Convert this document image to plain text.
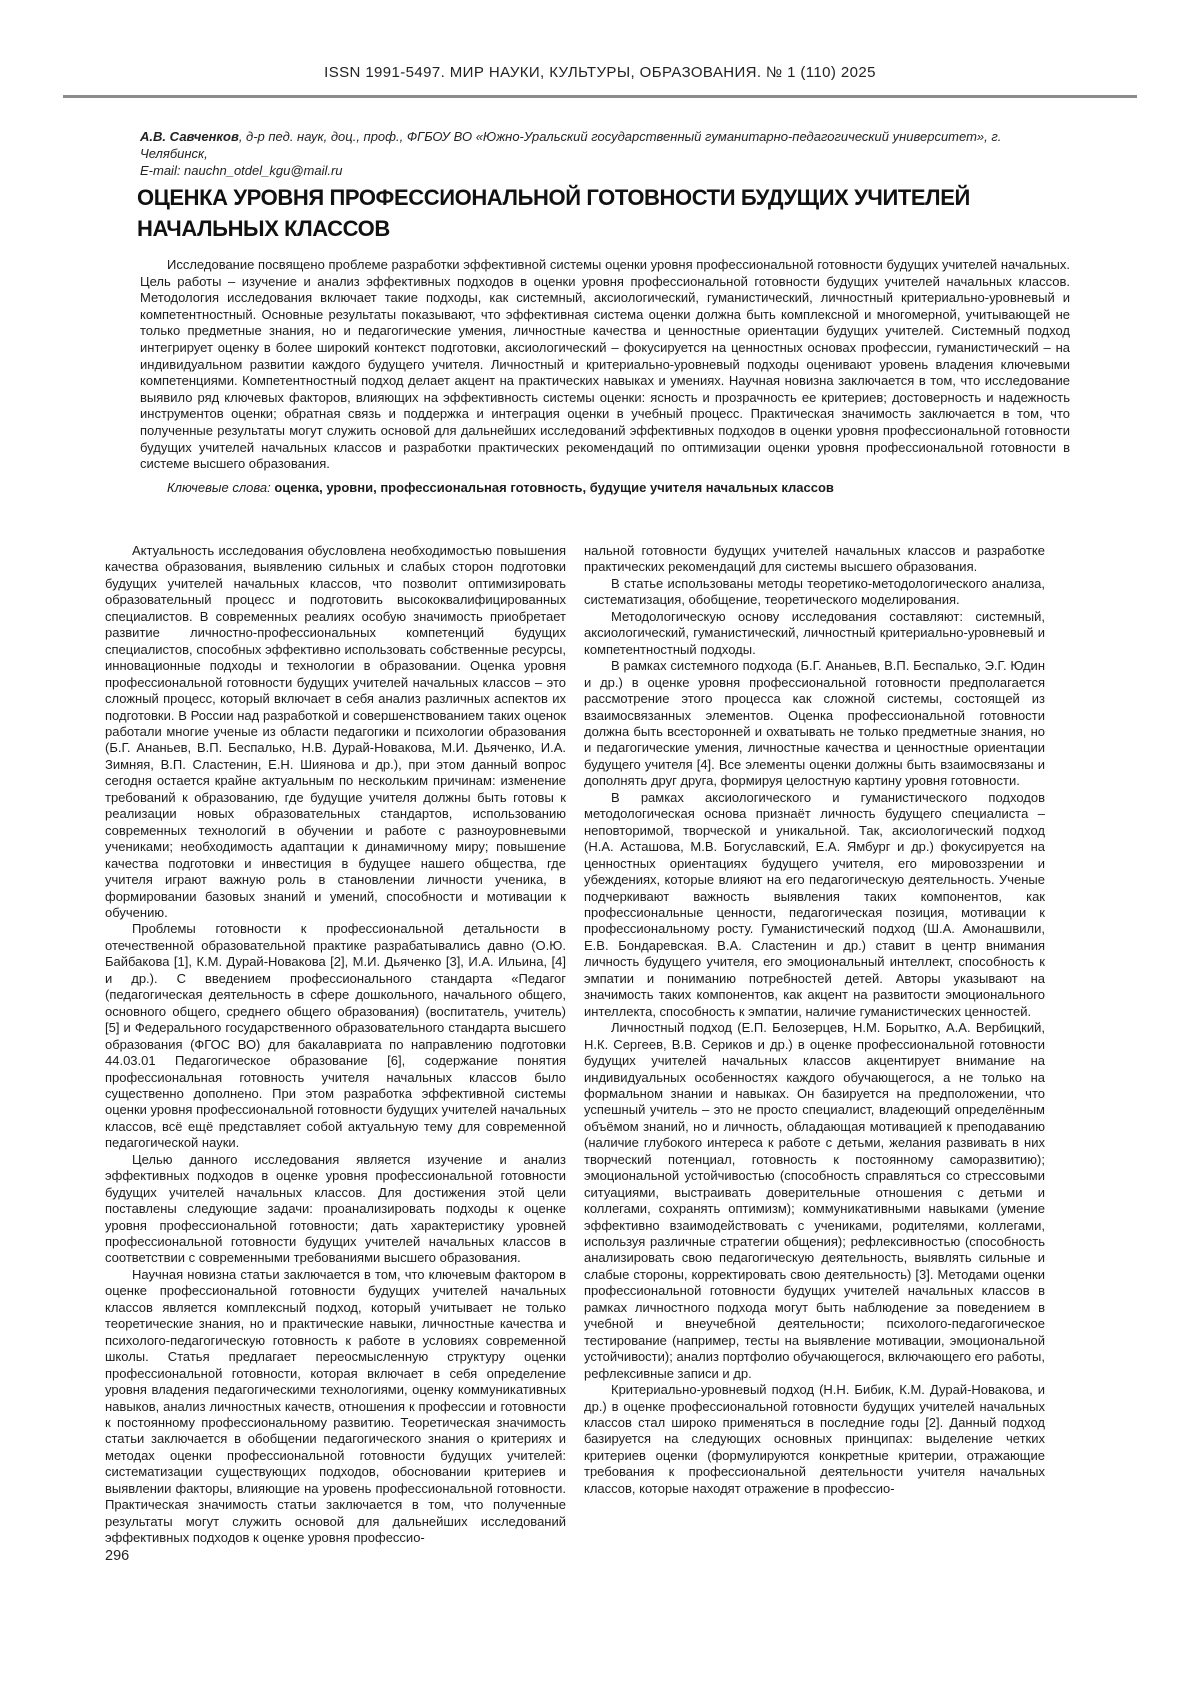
ISSN 1991-5497. МИР НАУКИ, КУЛЬТУРЫ, ОБРАЗОВАНИЯ. № 1 (110) 2025
А.В. Савченков, д-р пед. наук, доц., проф., ФГБОУ ВО «Южно-Уральский государственный гуманитарно-педагогический университет», г. Челябинск,
E-mail: nauchn_otdel_kgu@mail.ru
ОЦЕНКА УРОВНЯ ПРОФЕССИОНАЛЬНОЙ ГОТОВНОСТИ БУДУЩИХ УЧИТЕЛЕЙ НАЧАЛЬНЫХ КЛАССОВ

Исследование посвящено проблеме разработки эффективной системы оценки уровня профессиональной готовности будущих учителей начальных. Цель работы – изучение и анализ эффективных подходов в оценки уровня профессиональной готовности будущих учителей начальных классов. Методология исследования включает такие подходы, как системный, аксиологический, гуманистический, личностный критериально-уровневый и компетентностный. Основные результаты показывают, что эффективная система оценки должна быть комплексной и многомерной, учитывающей не только предметные знания, но и педагогические умения, личностные качества и ценностные ориентации будущих учителей. Системный подход интегрирует оценку в более широкий контекст подготовки, аксиологический – фокусируется на ценностных основах профессии, гуманистический – на индивидуальном развитии каждого будущего учителя. Личностный и критериально-уровневый подходы оценивают уровень владения ключевыми компетенциями. Компетентностный подход делает акцент на практических навыках и умениях. Научная новизна заключается в том, что исследование выявило ряд ключевых факторов, влияющих на эффективность системы оценки: ясность и прозрачность ее критериев; достоверность и надежность инструментов оценки; обратная связь и поддержка и интеграция оценки в учебный процесс. Практическая значимость заключается в том, что полученные результаты могут служить основой для дальнейших исследований эффективных подходов в оценки уровня профессиональной готовности будущих учителей начальных классов и разработки практических рекомендаций по оптимизации оценки уровня профессиональной готовности в системе высшего образования.

Ключевые слова: оценка, уровни, профессиональная готовность, будущие учителя начальных классов

Актуальность исследования обусловлена необходимостью повышения качества образования, выявлению сильных и слабых сторон подготовки будущих учителей начальных классов, что позволит оптимизировать образовательный процесс и подготовить высококвалифицированных специалистов. В современных реалиях особую значимость приобретает развитие личностно-профессиональных компетенций будущих специалистов, способных эффективно использовать собственные ресурсы, инновационные подходы и технологии в образовании. Оценка уровня профессиональной готовности будущих учителей начальных классов – это сложный процесс, который включает в себя анализ различных аспектов их подготовки. В России над разработкой и совершенствованием таких оценок работали многие ученые из области педагогики и психологии образования (Б.Г. Ананьев, В.П. Беспалько, Н.В. Дурай-Новакова, М.И. Дьяченко, И.А. Зимняя, В.П. Сластенин, Е.Н. Шиянова и др.), при этом данный вопрос сегодня остается крайне актуальным по нескольким причинам: изменение требований к образованию, где будущие учителя должны быть готовы к реализации новых образовательных стандартов, использованию современных технологий в обучении и работе с разноуровневыми учениками; необходимость адаптации к динамичному миру; повышение качества подготовки и инвестиция в будущее нашего общества, где учителя играют важную роль в становлении личности ученика, в формировании базовых знаний и умений, способности и мотивации к обучению.

Проблемы готовности к профессиональной детальности в отечественной образовательной практике разрабатывались давно (О.Ю. Байбакова [1], К.М. Дурай-Новакова [2], М.И. Дьяченко [3], И.А. Ильина, [4] и др.). С введением профессионального стандарта «Педагог (педагогическая деятельность в сфере дошкольного, начального общего, основного общего, среднего общего образования) (воспитатель, учитель) [5] и Федерального государственного образовательного стандарта высшего образования (ФГОС ВО) для бакалавриата по направлению подготовки 44.03.01 Педагогическое образование [6], содержание понятия профессиональная готовность учителя начальных классов было существенно дополнено. При этом разработка эффективной системы оценки уровня профессиональной готовности будущих учителей начальных классов, всё ещё представляет собой актуальную тему для современной педагогической науки.

Целью данного исследования является изучение и анализ эффективных подходов в оценке уровня профессиональной готовности будущих учителей начальных классов. Для достижения этой цели поставлены следующие задачи: проанализировать подходы к оценке уровня профессиональной готовности; дать характеристику уровней профессиональной готовности будущих учителей начальных классов в соответствии с современными требованиями высшего образования.

Научная новизна статьи заключается в том, что ключевым фактором в оценке профессиональной готовности будущих учителей начальных классов является комплексный подход, который учитывает не только теоретические знания, но и практические навыки, личностные качества и психолого-педагогическую готовность к работе в условиях современной школы. Статья предлагает переосмысленную структуру оценки профессиональной готовности, которая включает в себя определение уровня владения педагогическими технологиями, оценку коммуникативных навыков, анализ личностных качеств, отношения к профессии и готовности к постоянному профессиональному развитию. Теоретическая значимость статьи заключается в обобщении педагогического знания о критериях и методах оценки профессиональной готовности будущих учителей: систематизации существующих подходов, обосновании критериев и выявлении факторы, влияющие на уровень профессиональной готовности. Практическая значимость статьи заключается в том, что полученные результаты могут служить основой для дальнейших исследований эффективных подходов к оценке уровня профессио-

нальной готовности будущих учителей начальных классов и разработке практических рекомендаций для системы высшего образования.

В статье использованы методы теоретико-методологического анализа, систематизация, обобщение, теоретического моделирования.

Методологическую основу исследования составляют: системный, аксиологический, гуманистический, личностный критериально-уровневый и компетентностный подходы.

В рамках системного подхода (Б.Г. Ананьев, В.П. Беспалько, Э.Г. Юдин и др.) в оценке уровня профессиональной готовности предполагается рассмотрение этого процесса как сложной системы, состоящей из взаимосвязанных элементов. Оценка профессиональной готовности должна быть всесторонней и охватывать не только предметные знания, но и педагогические умения, личностные качества и ценностные ориентации будущего учителя [4]. Все элементы оценки должны быть взаимосвязаны и дополнять друг друга, формируя целостную картину уровня готовности.

В рамках аксиологического и гуманистического подходов методологическая основа признаёт личность будущего специалиста – неповторимой, творческой и уникальной. Так, аксиологический подход (Н.А. Асташова, М.В. Богуславский, Е.А. Ямбург и др.) фокусируется на ценностных ориентациях будущего учителя, его мировоззрении и убеждениях, которые влияют на его педагогическую деятельность. Ученые подчеркивают важность выявления таких компонентов, как профессиональные ценности, педагогическая позиция, мотивации к профессиональному росту. Гуманистический подход (Ш.А. Амонашвили, Е.В. Бондаревская. В.А. Сластенин и др.) ставит в центр внимания личность будущего учителя, его эмоциональный интеллект, способность к эмпатии и пониманию потребностей детей. Авторы указывают на значимость таких компонентов, как акцент на развитости эмоционального интеллекта, способность к эмпатии, наличие гуманистических ценностей.

Личностный подход (Е.П. Белозерцев, Н.М. Борытко, А.А. Вербицкий, Н.К. Сергеев, В.В. Сериков и др.) в оценке профессиональной готовности будущих учителей начальных классов акцентирует внимание на индивидуальных особенностях каждого обучающегося, а не только на формальном знании и навыках. Он базируется на предположении, что успешный учитель – это не просто специалист, владеющий определённым объёмом знаний, но и личность, обладающая мотивацией к преподаванию (наличие глубокого интереса к работе с детьми, желания развивать в них творческий потенциал, готовность к постоянному саморазвитию); эмоциональной устойчивостью (способность справляться со стрессовыми ситуациями, выстраивать доверительные отношения с детьми и коллегами, сохранять оптимизм); коммуникативными навыками (умение эффективно взаимодействовать с учениками, родителями, коллегами, используя различные стратегии общения); рефлексивностью (способность анализировать свою педагогическую деятельность, выявлять сильные и слабые стороны, корректировать свою деятельность) [3]. Методами оценки профессиональной готовности будущих учителей начальных классов в рамках личностного подхода могут быть наблюдение за поведением в учебной и внеучебной деятельности; психолого-педагогическое тестирование (например, тесты на выявление мотивации, эмоциональной устойчивости); анализ портфолио обучающегося, включающего его работы, рефлексивные записи и др.

Критериально-уровневый подход (Н.Н. Бибик, К.М. Дурай-Новакова, и др.) в оценке профессиональной готовности будущих учителей начальных классов стал широко применяться в последние годы [2]. Данный подход базируется на следующих основных принципах: выделение четких критериев оценки (формулируются конкретные критерии, отражающие требования к профессиональной деятельности учителя начальных классов, которые находят отражение в профессио-

296
